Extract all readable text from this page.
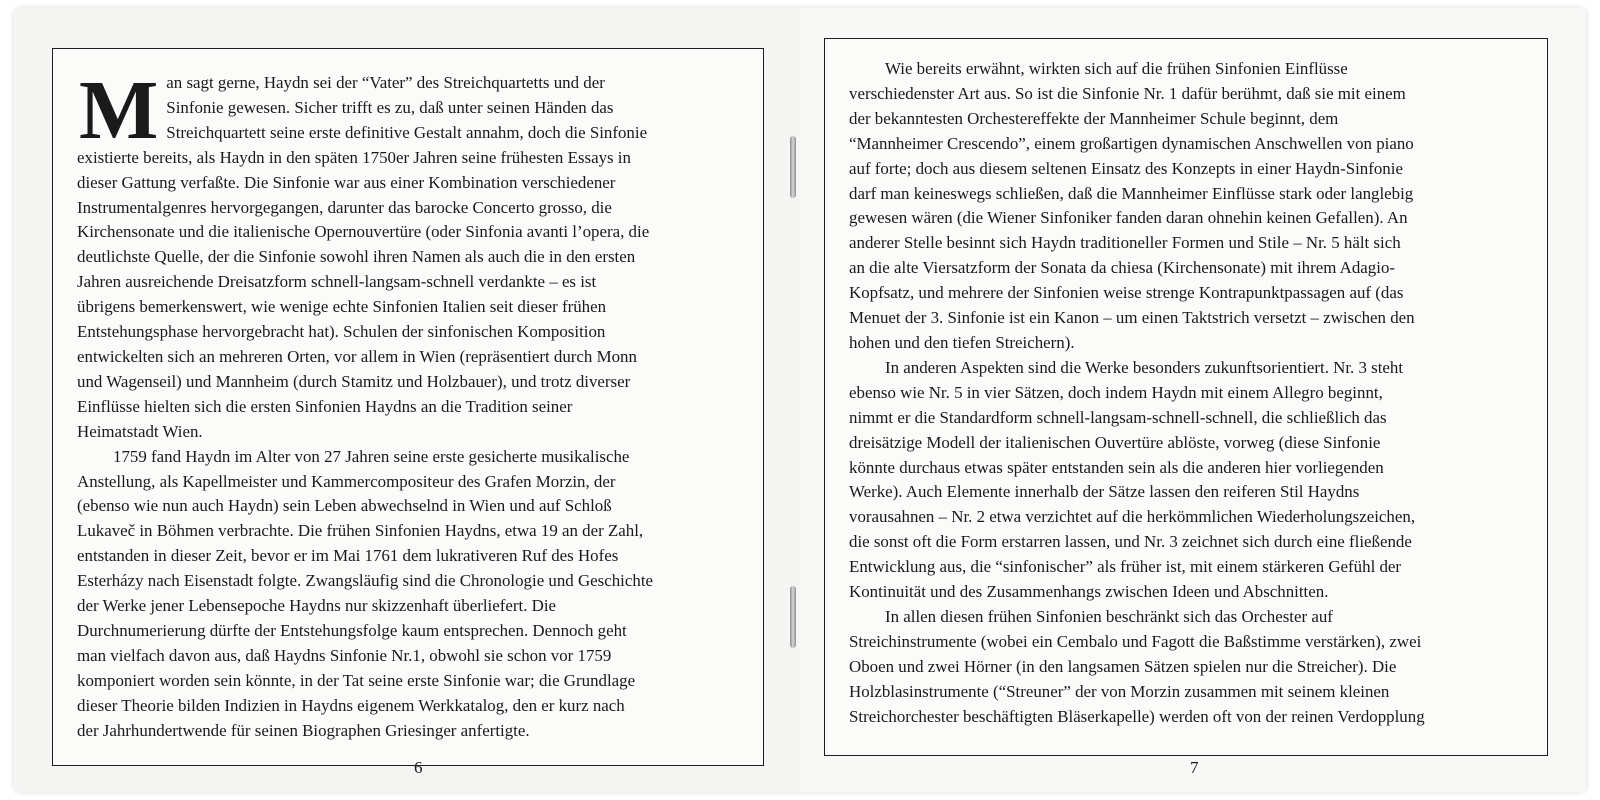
M an sagt gerne, Haydn sei der “Vater” des Streichquartetts und der
Sinfonie gewesen. Sicher trifft es zu, daß unter seinen Händen das
Streichquartett seine erste definitive Gestalt annahm, doch die Sinfonie
existierte bereits, als Haydn in den späten 1750er Jahren seine frühesten Essays in
dieser Gattung verfaßte. Die Sinfonie war aus einer Kombination verschiedener
Instrumentalgenres hervorgegangen, darunter das barocke Concerto grosso, die
Kirchensonate und die italienische Opernouvertüre (oder Sinfonia avanti l’opera, die
deutlichste Quelle, der die Sinfonie sowohl ihren Namen als auch die in den ersten
Jahren ausreichende Dreisatzform schnell-langsam-schnell verdankte – es ist
übrigens bemerkenswert, wie wenige echte Sinfonien Italien seit dieser frühen
Entstehungsphase hervorgebracht hat). Schulen der sinfonischen Komposition
entwickelten sich an mehreren Orten, vor allem in Wien (repräsentiert durch Monn
und Wagenseil) und Mannheim (durch Stamitz und Holzbauer), und trotz diverser
Einflüsse hielten sich die ersten Sinfonien Haydns an die Tradition seiner
Heimatstadt Wien.

1759 fand Haydn im Alter von 27 Jahren seine erste gesicherte musikalische
Anstellung, als Kapellmeister und Kammercompositeur des Grafen Morzin, der
(ebenso wie nun auch Haydn) sein Leben abwechselnd in Wien und auf Schloß
Lukaveč in Böhmen verbrachte. Die frühen Sinfonien Haydns, etwa 19 an der Zahl,
entstanden in dieser Zeit, bevor er im Mai 1761 dem lukrativeren Ruf des Hofes
Esterházy nach Eisenstadt folgte. Zwangsläufig sind die Chronologie und Geschichte
der Werke jener Lebensepoche Haydns nur skizzenhaft überliefert. Die
Durchnumerierung dürfte der Entstehungsfolge kaum entsprechen. Dennoch geht
man vielfach davon aus, daß Haydns Sinfonie Nr.1, obwohl sie schon vor 1759
komponiert worden sein könnte, in der Tat seine erste Sinfonie war; die Grundlage
dieser Theorie bilden Indizien in Haydns eigenem Werkkatalog, den er kurz nach
der Jahrhundertwende für seinen Biographen Griesinger anfertigte.

6

Wie bereits erwähnt, wirkten sich auf die frühen Sinfonien Einflüsse
verschiedenster Art aus. So ist die Sinfonie Nr. 1 dafür berühmt, daß sie mit einem
der bekanntesten Orchestereffekte der Mannheimer Schule beginnt, dem
“Mannheimer Crescendo”, einem großartigen dynamischen Anschwellen von piano
auf forte; doch aus diesem seltenen Einsatz des Konzepts in einer Haydn-Sinfonie
darf man keineswegs schließen, daß die Mannheimer Einflüsse stark oder langlebig
gewesen wären (die Wiener Sinfoniker fanden daran ohnehin keinen Gefallen). An
anderer Stelle besinnt sich Haydn traditioneller Formen und Stile – Nr. 5 hält sich
an die alte Viersatzform der Sonata da chiesa (Kirchensonate) mit ihrem Adagio-
Kopfsatz, und mehrere der Sinfonien weise strenge Kontrapunktpassagen auf (das
Menuet der 3. Sinfonie ist ein Kanon – um einen Taktstrich versetzt – zwischen den
hohen und den tiefen Streichern).

In anderen Aspekten sind die Werke besonders zukunftsorientiert. Nr. 3 steht
ebenso wie Nr. 5 in vier Sätzen, doch indem Haydn mit einem Allegro beginnt,
nimmt er die Standardform schnell-langsam-schnell-schnell, die schließlich das
dreisätzige Modell der italienischen Ouvertüre ablöste, vorweg (diese Sinfonie
könnte durchaus etwas später entstanden sein als die anderen hier vorliegenden
Werke). Auch Elemente innerhalb der Sätze lassen den reiferen Stil Haydns
vorausahnen – Nr. 2 etwa verzichtet auf die herkömmlichen Wiederholungszeichen,
die sonst oft die Form erstarren lassen, und Nr. 3 zeichnet sich durch eine fließende
Entwicklung aus, die “sinfonischer” als früher ist, mit einem stärkeren Gefühl der
Kontinuität und des Zusammenhangs zwischen Ideen und Abschnitten.

In allen diesen frühen Sinfonien beschränkt sich das Orchester auf
Streichinstrumente (wobei ein Cembalo und Fagott die Baßstimme verstärken), zwei
Oboen und zwei Hörner (in den langsamen Sätzen spielen nur die Streicher). Die
Holzblasinstrumente (“Streuner” der von Morzin zusammen mit seinem kleinen
Streichorchester beschäftigten Bläserkapelle) werden oft von der reinen Verdopplung

7
